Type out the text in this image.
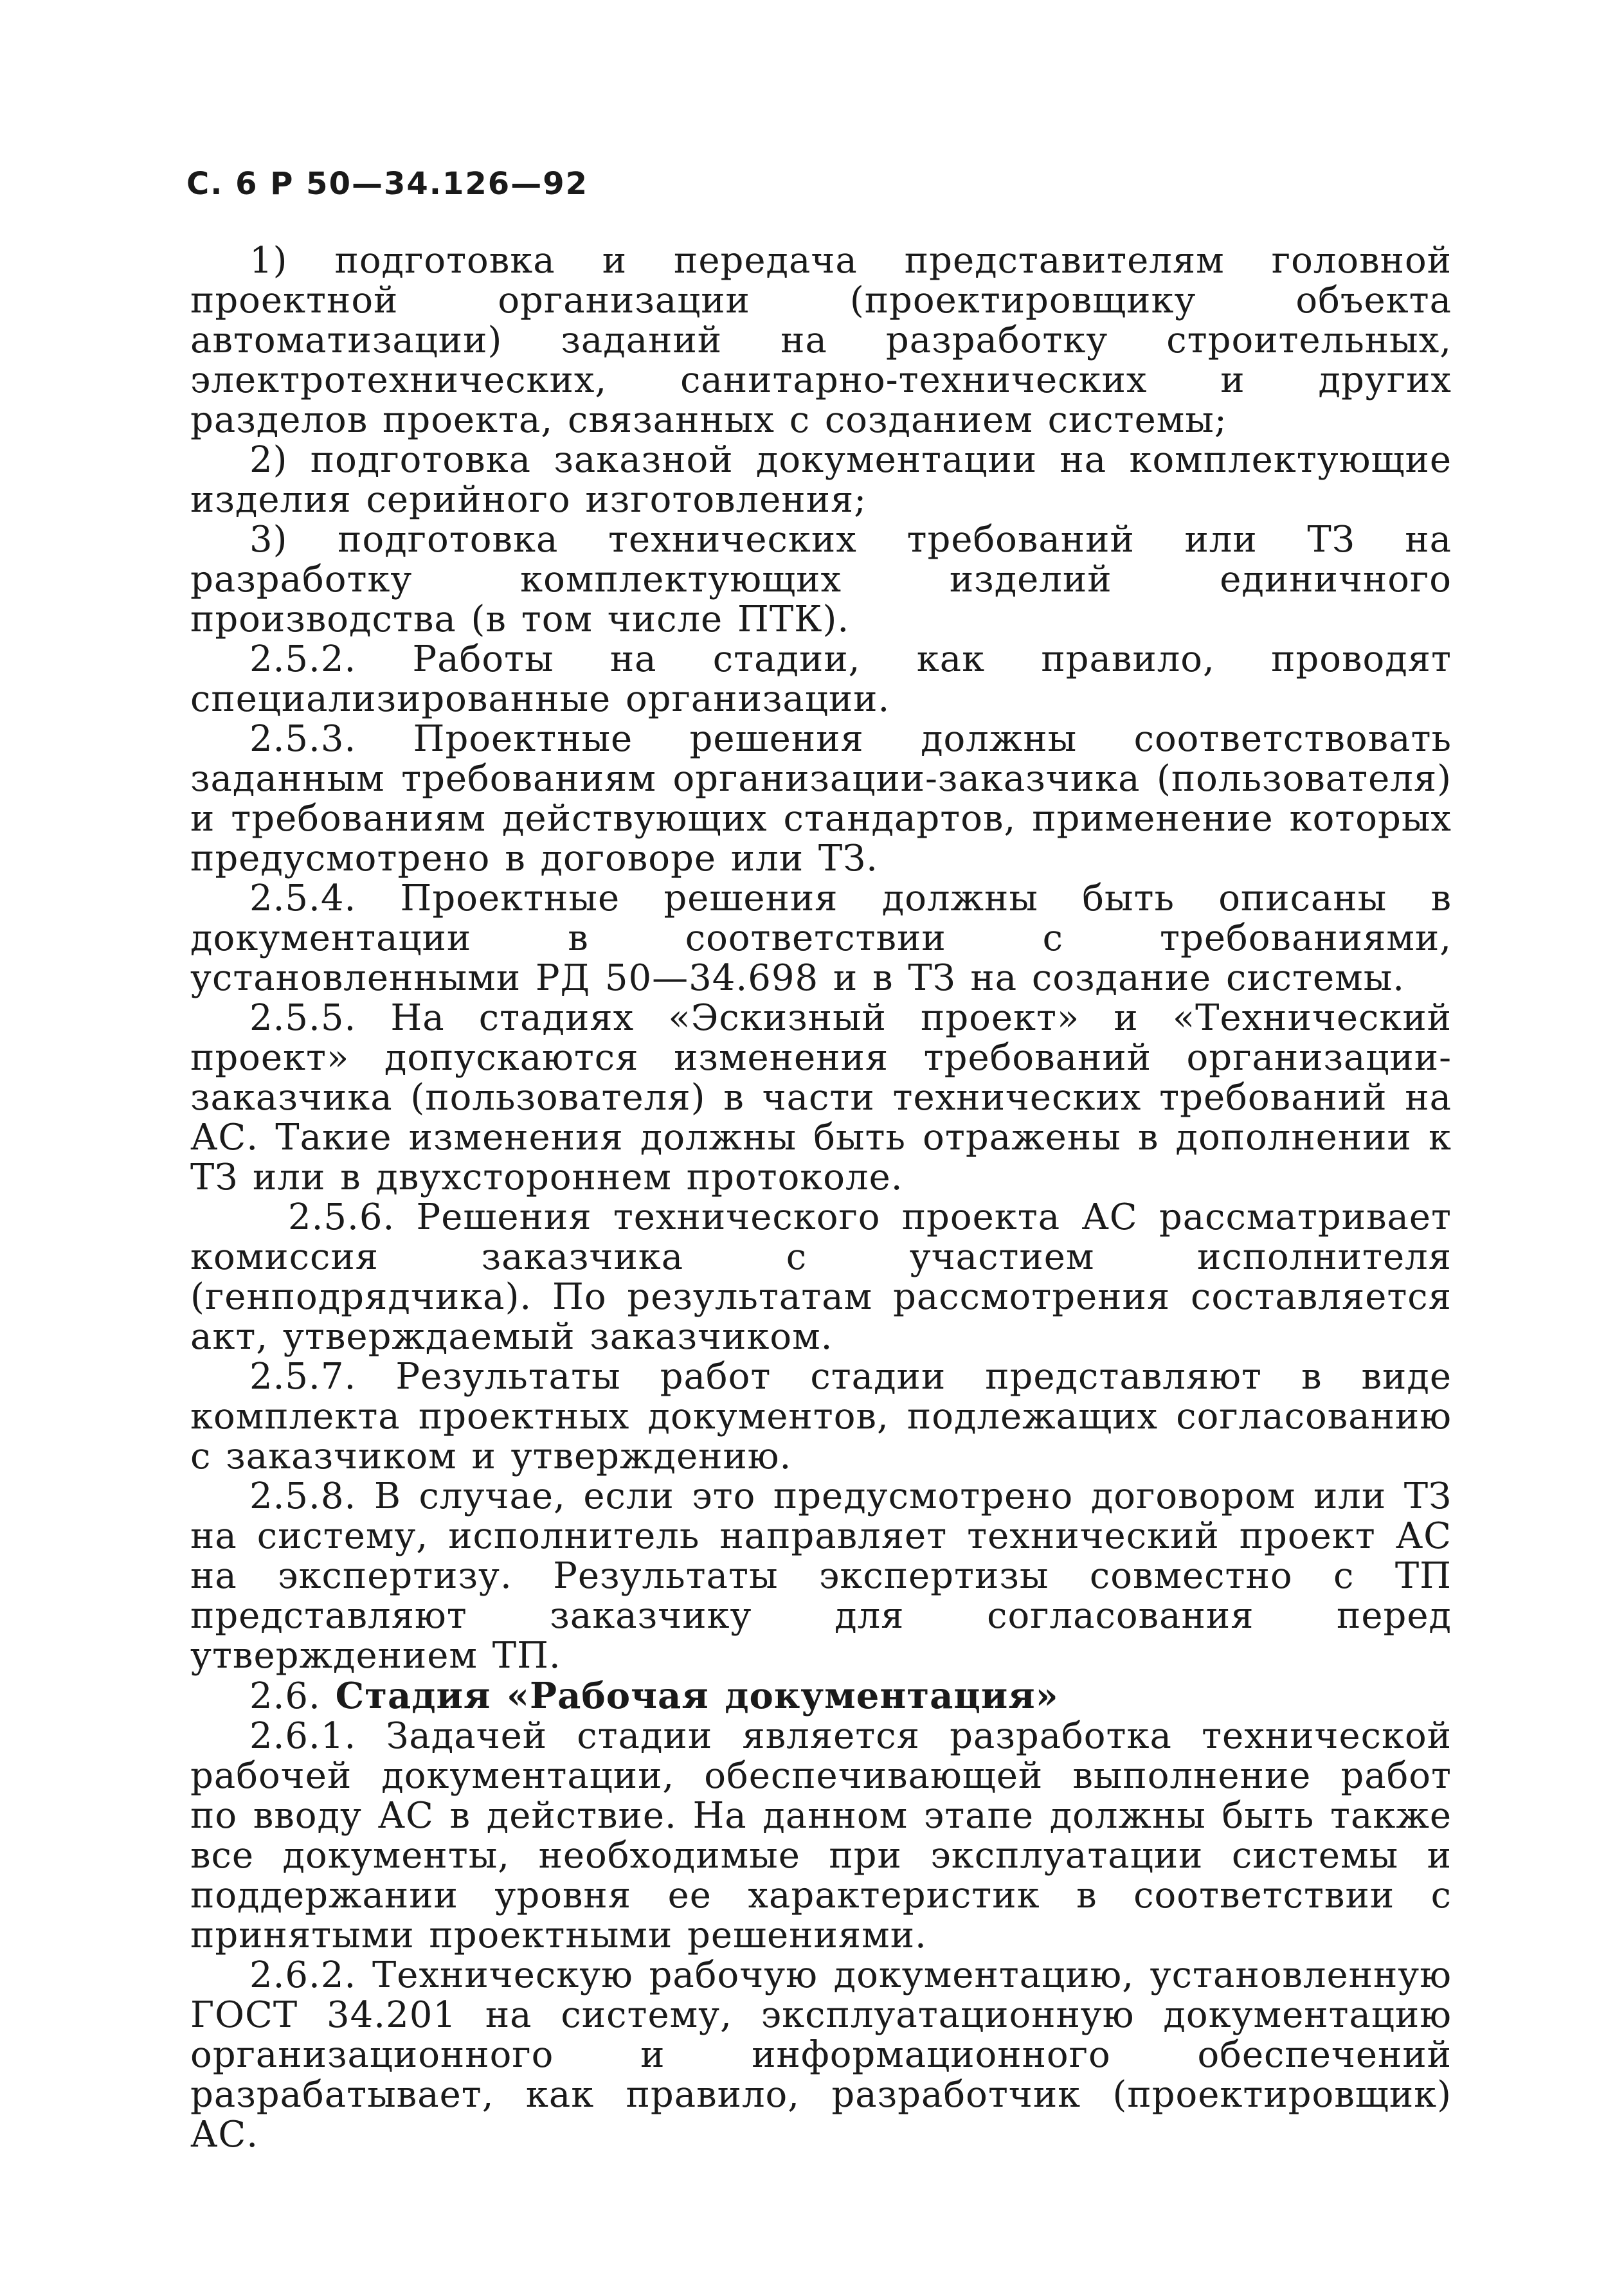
С. 6 Р 50—34.126—92

1) подготовка и передача представителям головной проектной организации (проектировщику объекта автоматизации) заданий на разработку строительных, электротехнических, санитарно-технических и других разделов проекта, связанных с созданием системы;

2) подготовка заказной документации на комплектующие изделия серийного изготовления;

3) подготовка технических требований или ТЗ на разработку комплектующих изделий единичного производства (в том числе ПТК).

2.5.2. Работы на стадии, как правило, проводят специализированные организации.

2.5.3. Проектные решения должны соответствовать заданным требованиям организации-заказчика (пользователя) и требованиям действующих стандартов, применение которых предусмотрено в договоре или ТЗ.

2.5.4. Проектные решения должны быть описаны в документации в соответствии с требованиями, установленными РД 50—34.698 и в ТЗ на создание системы.

2.5.5. На стадиях «Эскизный проект» и «Технический проект» допускаются изменения требований организации-заказчика (пользователя) в части технических требований на АС. Такие изменения должны быть отражены в дополнении к ТЗ или в двухстороннем протоколе.

2.5.6. Решения технического проекта АС рассматривает комиссия заказчика с участием исполнителя (генподрядчика). По результатам рассмотрения составляется акт, утверждаемый заказчиком.

2.5.7. Результаты работ стадии представляют в виде комплекта проектных документов, подлежащих согласованию с заказчиком и утверждению.

2.5.8. В случае, если это предусмотрено договором или ТЗ на систему, исполнитель направляет технический проект АС на экспертизу. Результаты экспертизы совместно с ТП представляют заказчику для согласования перед утверждением ТП.

2.6. Стадия «Рабочая документация»

2.6.1. Задачей стадии является разработка технической рабочей документации, обеспечивающей выполнение работ по вводу АС в действие. На данном этапе должны быть также все документы, необходимые при эксплуатации системы и поддержании уровня ее характеристик в соответствии с принятыми проектными решениями.

2.6.2. Техническую рабочую документацию, установленную ГОСТ 34.201 на систему, эксплуатационную документацию организационного и информационного обеспечений разрабатывает, как правило, разработчик (проектировщик) АС.
